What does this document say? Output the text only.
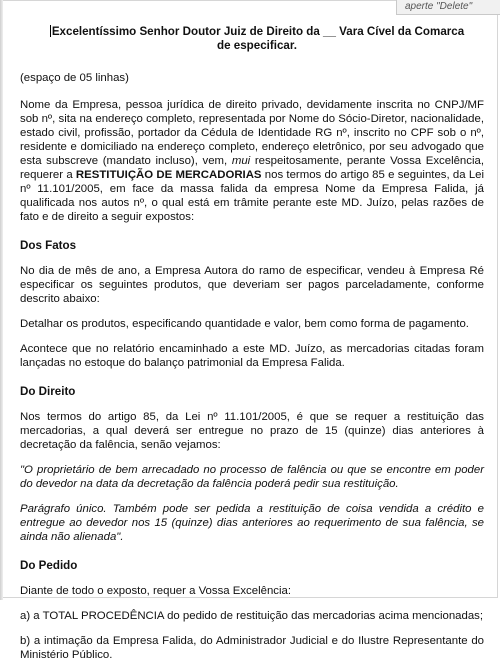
aperte "Delete"
Excelentíssimo Senhor Doutor Juiz de Direito da __ Vara Cível da Comarca
de especificar.

(espaço de 05 linhas)

Nome da Empresa, pessoa jurídica de direito privado, devidamente inscrita no CNPJ/MF sob nº, sita na endereço completo, representada por Nome do Sócio-Diretor, nacionalidade, estado civil, profissão, portador da Cédula de Identidade RG nº, inscrito no CPF sob o nº, residente e domiciliado na endereço completo, endereço eletrônico, por seu advogado que esta subscreve (mandato incluso), vem, mui respeitosamente, perante Vossa Excelência, requerer a RESTITUIÇÃO DE MERCADORIAS nos termos do artigo 85 e seguintes, da Lei nº 11.101/2005, em face da massa falida da empresa Nome da Empresa Falida, já qualificada nos autos nº, o qual está em trâmite perante este MD. Juízo, pelas razões de fato e de direito a seguir expostos:

Dos Fatos

No dia de mês de ano, a Empresa Autora do ramo de especificar, vendeu à Empresa Ré especificar os seguintes produtos, que deveriam ser pagos parceladamente, conforme descrito abaixo:

Detalhar os produtos, especificando quantidade e valor, bem como forma de pagamento.

Acontece que no relatório encaminhado a este MD. Juízo, as mercadorias citadas foram lançadas no estoque do balanço patrimonial da Empresa Falida.

Do Direito

Nos termos do artigo 85, da Lei nº 11.101/2005, é que se requer a restituição das mercadorias, a qual deverá ser entregue no prazo de 15 (quinze) dias anteriores à decretação da falência, senão vejamos:

"O proprietário de bem arrecadado no processo de falência ou que se encontre em poder do devedor na data da decretação da falência poderá pedir sua restituição.

Parágrafo único. Também pode ser pedida a restituição de coisa vendida a crédito e entregue ao devedor nos 15 (quinze) dias anteriores ao requerimento de sua falência, se ainda não alienada".

Do Pedido

Diante de todo o exposto, requer a Vossa Excelência:

a) a TOTAL PROCEDÊNCIA do pedido de restituição das mercadorias acima mencionadas;

b) a intimação da Empresa Falida, do Administrador Judicial e do Ilustre Representante do Ministério Público.
